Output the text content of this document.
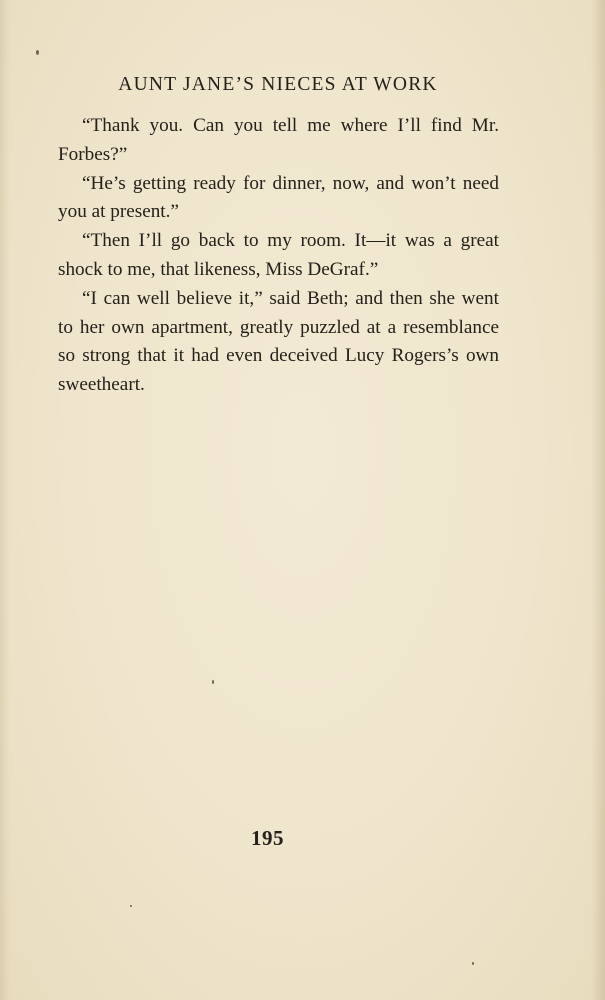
AUNT JANE’S NIECES AT WORK

“Thank you. Can you tell me where I’ll find Mr. Forbes?”

“He’s getting ready for dinner, now, and won’t need you at present.”

“Then I’ll go back to my room. It—it was a great shock to me, that likeness, Miss DeGraf.”

“I can well believe it,” said Beth; and then she went to her own apartment, greatly puzzled at a resemblance so strong that it had even deceived Lucy Rogers’s own sweetheart.

195
